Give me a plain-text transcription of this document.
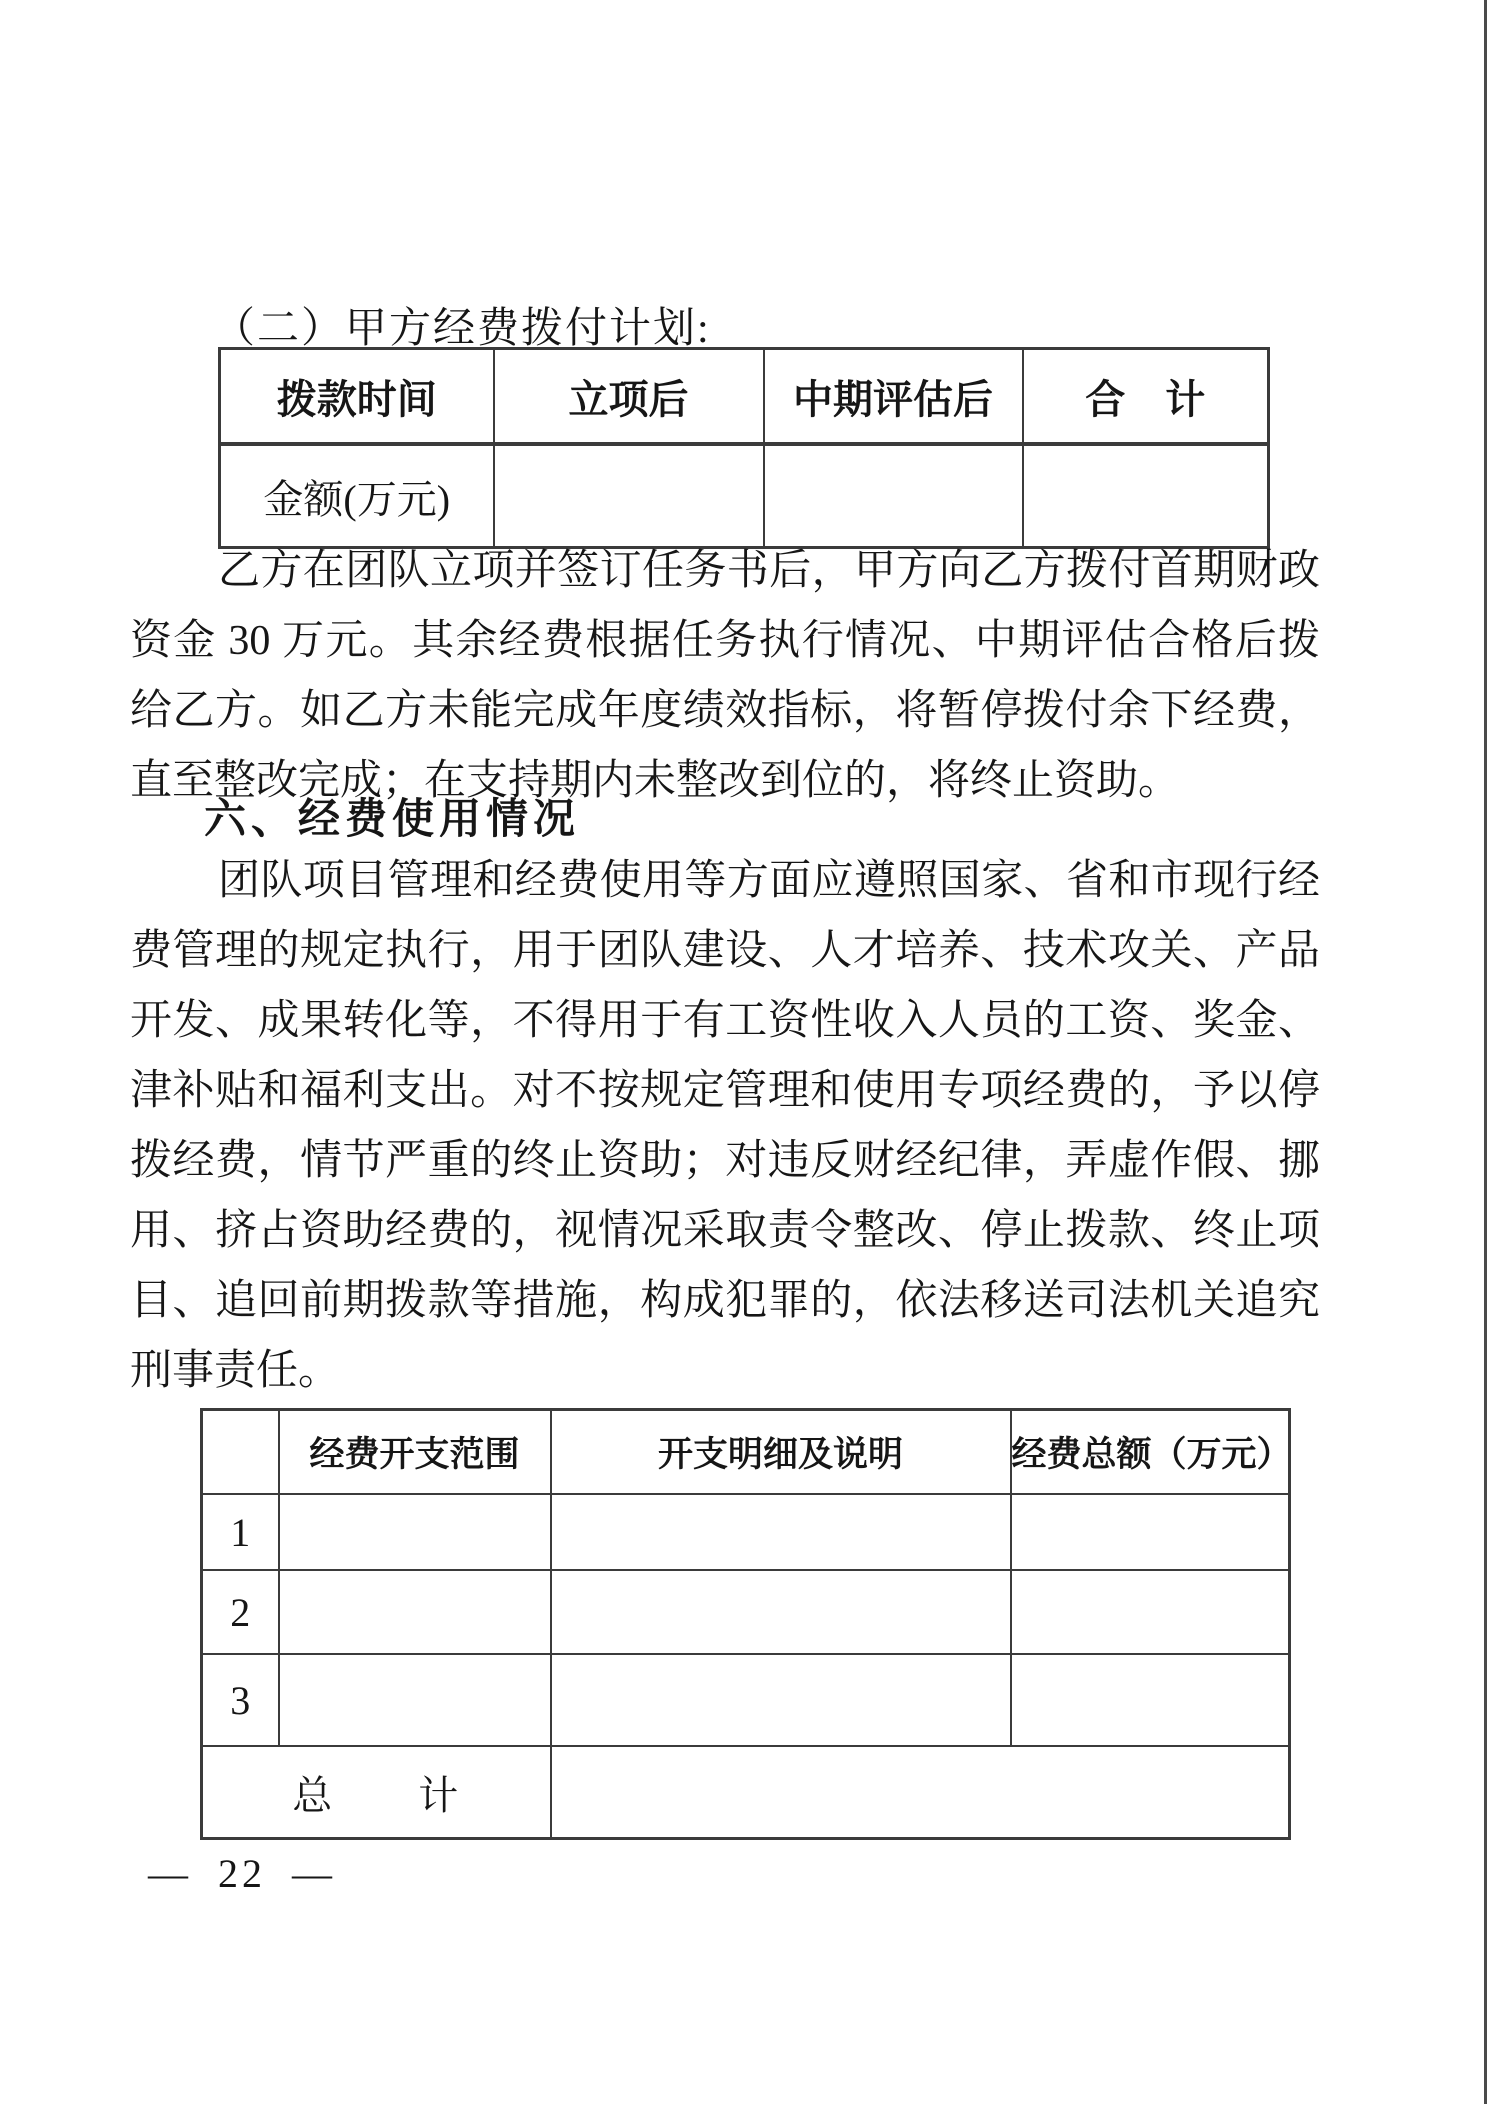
（二）甲方经费拨付计划:
拨款时间	立项后	中期评估后	合　计
金额(万元)			
乙方在团队立项并签订任务书后，甲方向乙方拨付首期财政资金 30 万元。其余经费根据任务执行情况、中期评估合格后拨给乙方。如乙方未能完成年度绩效指标，将暂停拨付余下经费，直至整改完成；在支持期内未整改到位的，将终止资助。
六、经费使用情况
团队项目管理和经费使用等方面应遵照国家、省和市现行经费管理的规定执行，用于团队建设、人才培养、技术攻关、产品开发、成果转化等，不得用于有工资性收入人员的工资、奖金、津补贴和福利支出。对不按规定管理和使用专项经费的，予以停拨经费，情节严重的终止资助；对违反财经纪律，弄虚作假、挪用、挤占资助经费的，视情况采取责令整改、停止拨款、终止项目、追回前期拨款等措施，构成犯罪的，依法移送司法机关追究刑事责任。
	经费开支范围	开支明细及说明	经费总额（万元）
1			
2			
3			
总　　计			
— 22 —
